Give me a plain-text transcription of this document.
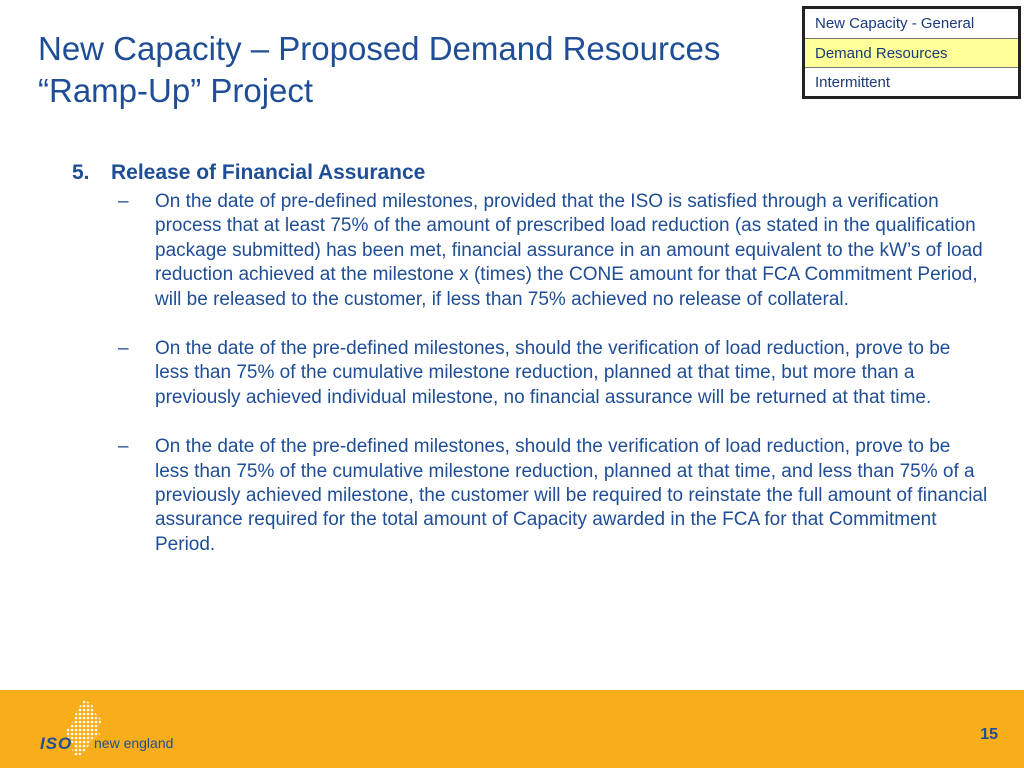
New Capacity – Proposed Demand Resources
“Ramp-Up” Project
New Capacity - General
Demand Resources
Intermittent
5.	Release of Financial Assurance
–	On the date of pre-defined milestones, provided that the ISO is satisfied through a verification process that at least 75% of the amount of prescribed load reduction (as stated in the qualification package submitted) has been met, financial assurance in an amount equivalent to the kW’s of load reduction achieved at the milestone x (times) the CONE amount for that FCA Commitment Period, will be released to the customer, if less than 75% achieved no release of collateral.
–	On the date of the pre-defined milestones, should the verification of load reduction, prove to be less than 75% of the cumulative milestone reduction, planned at that time, but more than a previously achieved individual milestone, no financial assurance will be returned at that time.
–	On the date of the pre-defined milestones, should the verification of load reduction, prove to be less than 75% of the cumulative milestone reduction, planned at that time, and less than 75% of a previously achieved milestone, the customer will be required to reinstate the full amount of financial assurance required for the total amount of Capacity awarded in the FCA for that Commitment Period.
ISO new england	15
